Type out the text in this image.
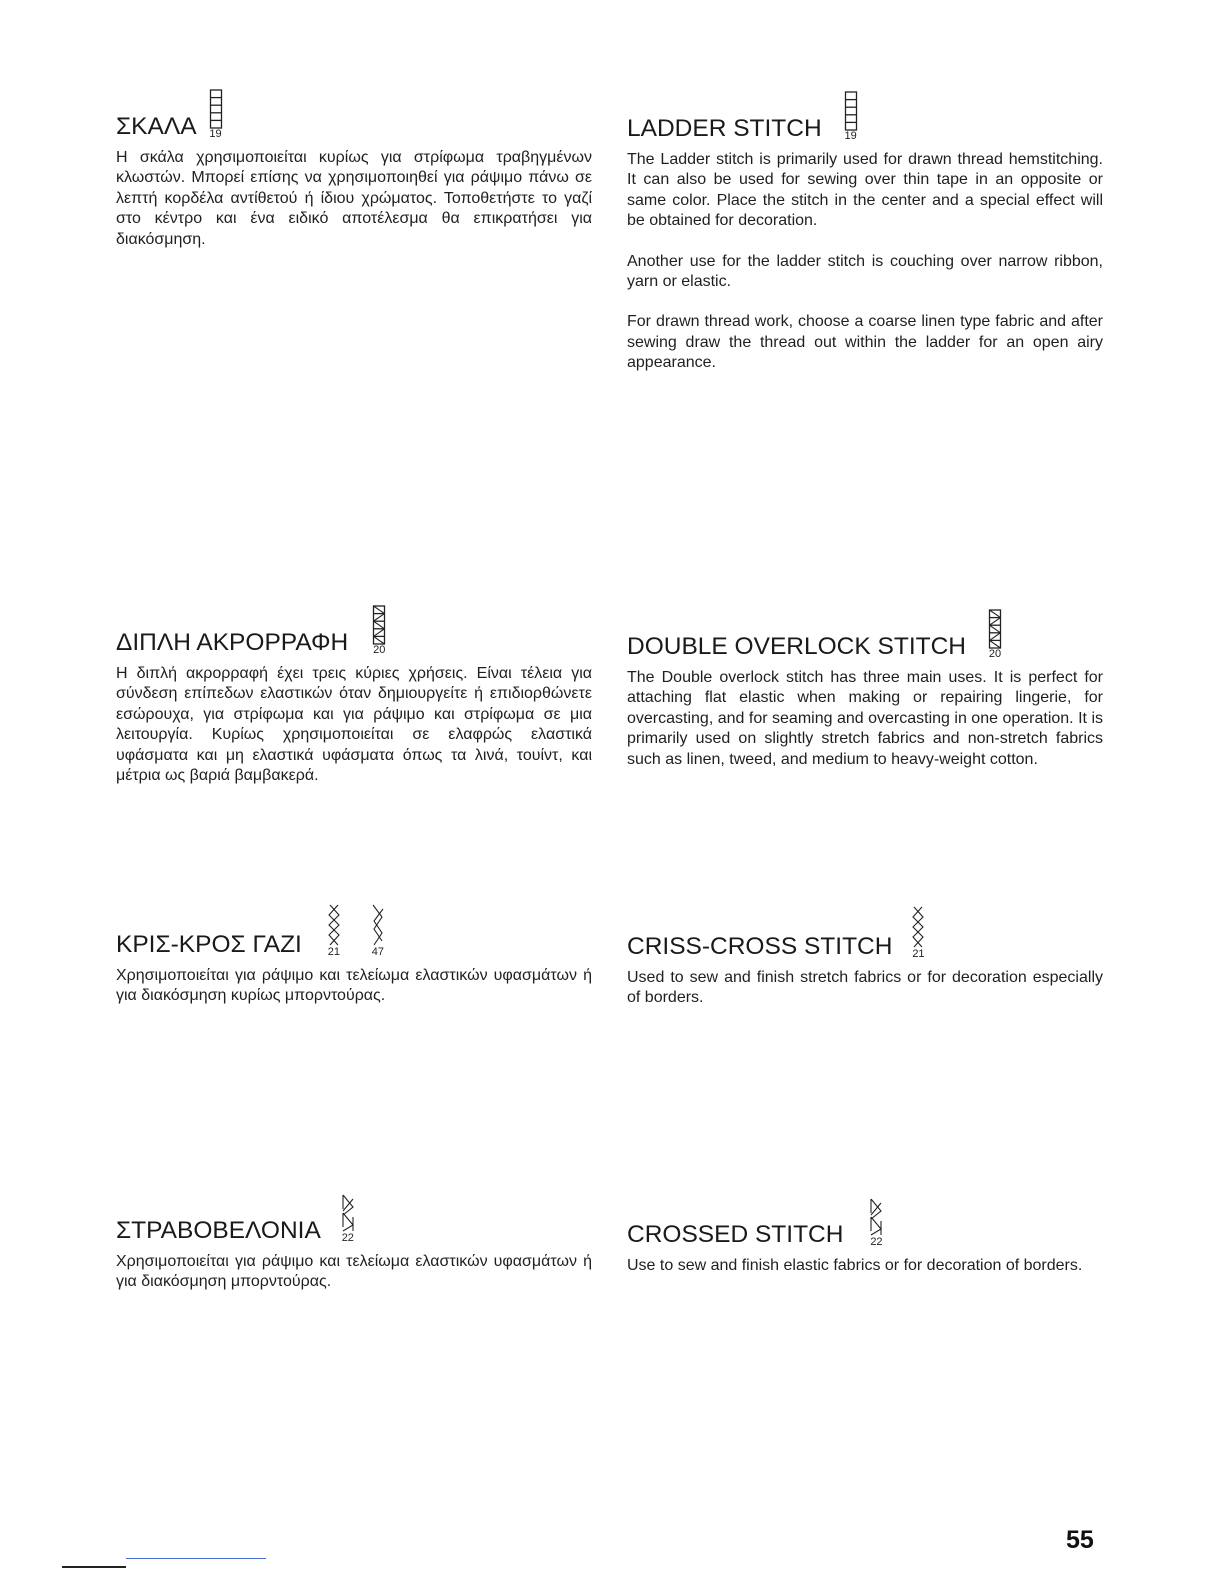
ΣΚΑΛΑ 19

Η σκάλα χρησιμοποιείται κυρίως για στρίφωμα τραβηγμένων κλωστών. Μπορεί επίσης να χρησιμοποιηθεί για ράψιμο πάνω σε λεπτή κορδέλα αντίθετού ή ίδιου χρώματος. Τοποθετήστε το γαζί στο κέντρο και ένα ειδικό αποτέλεσμα θα επικρατήσει για διακόσμηση.

ΔΙΠΛΗ ΑΚΡΟΡΡΑΦΗ 20

Η διπλή ακρορραφή έχει τρεις κύριες χρήσεις. Είναι τέλεια για σύνδεση επίπεδων ελαστικών όταν δημιουργείτε ή επιδιορθώνετε εσώρουχα, για στρίφωμα και για ράψιμο και στρίφωμα σε μια λειτουργία. Κυρίως χρησιμοποιείται σε ελαφρώς ελαστικά υφάσματα και μη ελαστικά υφάσματα όπως τα λινά, τουίντ, και μέτρια ως βαριά βαμβακερά.

ΚΡΙΣ-ΚΡΟΣ ΓΑΖΙ 21	47

Χρησιμοποιείται για ράψιμο και τελείωμα ελαστικών υφασμάτων ή για διακόσμηση κυρίως μπορντούρας.

ΣΤΡΑΒΟΒΕΛΟΝΙΑ 22

Χρησιμοποιείται για ράψιμο και τελείωμα ελαστικών υφασμάτων ή για διακόσμηση μπορντούρας.

LADDER STITCH 19

The Ladder stitch is primarily used for drawn thread hemstitching. It can also be used for sewing over thin tape in an opposite or same color. Place the stitch in the center and a special effect will be obtained for decoration.

Another use for the ladder stitch is couching over narrow ribbon, yarn or elastic.

For drawn thread work, choose a coarse linen type fabric and after sewing draw the thread out within the ladder for an open airy appearance.

DOUBLE OVERLOCK STITCH 20

The Double overlock stitch has three main uses. It is perfect for attaching flat elastic when making or repairing lingerie, for overcasting, and for seaming and overcasting in one operation. It is primarily used on slightly stretch fabrics and non-stretch fabrics such as linen, tweed, and medium to heavy-weight cotton.

CRISS-CROSS STITCH 21

Used to sew and finish stretch fabrics or for decoration especially of borders.

CROSSED STITCH 22

Use to sew and finish elastic fabrics or for decoration of borders.

55
